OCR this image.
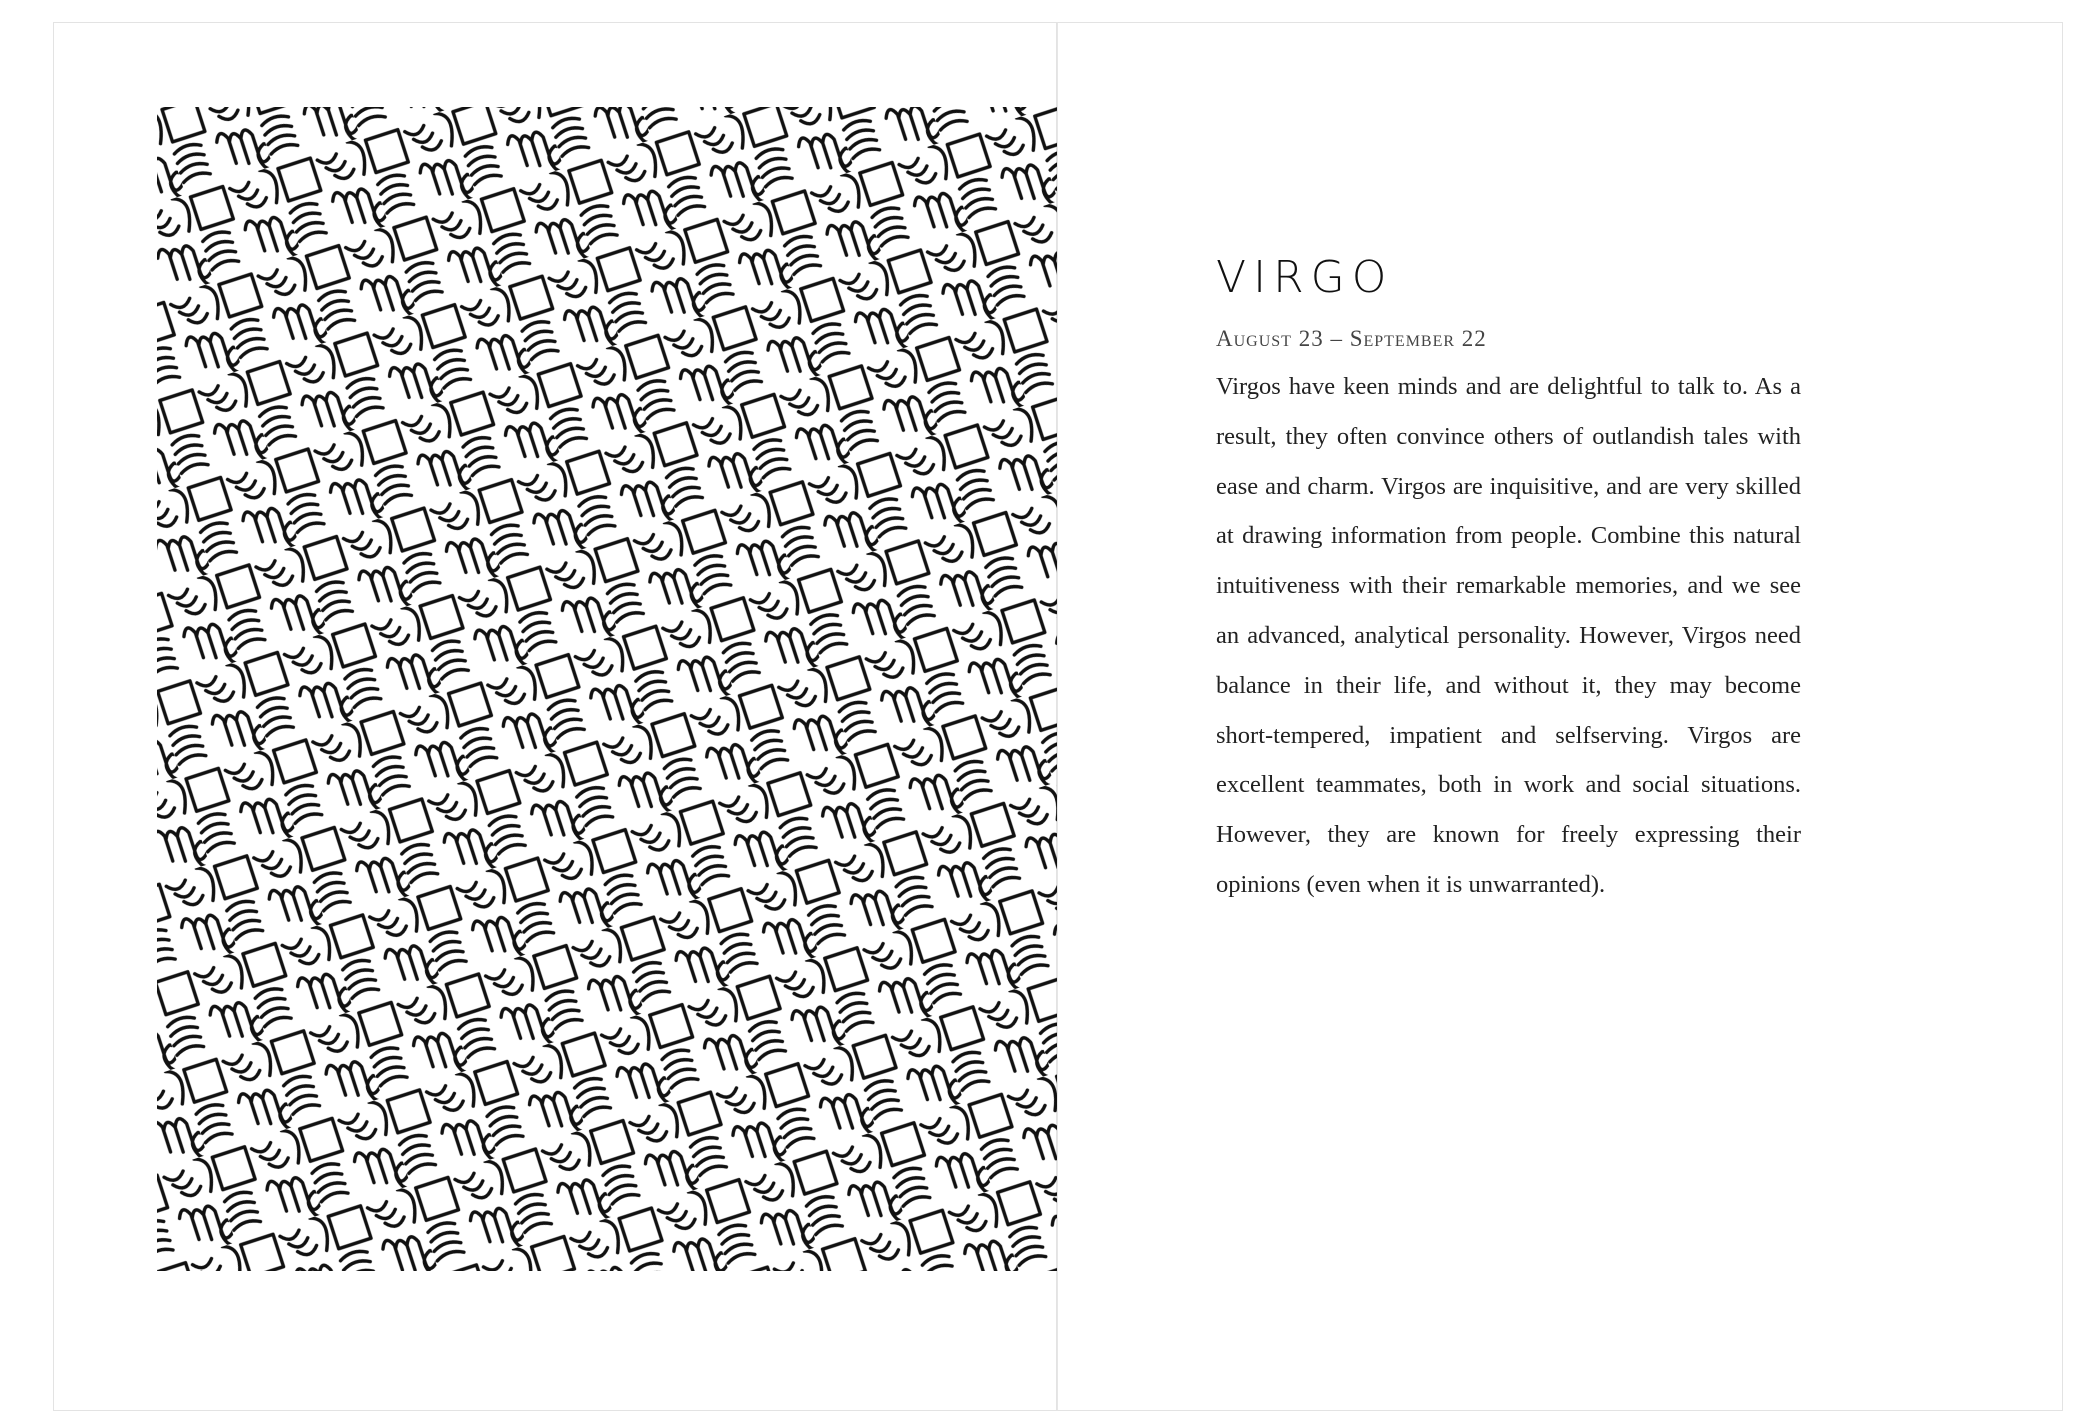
VIRGO
August 23 – September 22

Virgos have keen minds and are delightful to talk to. As a result, they often convince others of outlandish tales with ease and charm. Virgos are inquisitive, and are very skilled at drawing information from people. Combine this natural intuitiveness with their remarkable memories, and we see an advanced, analytical personality. However, Virgos need balance in their life, and without it, they may become short-tempered, impatient and selfserving. Virgos are excellent teammates, both in work and social situations. However, they are known for freely expressing their opinions (even when it is unwarranted).
